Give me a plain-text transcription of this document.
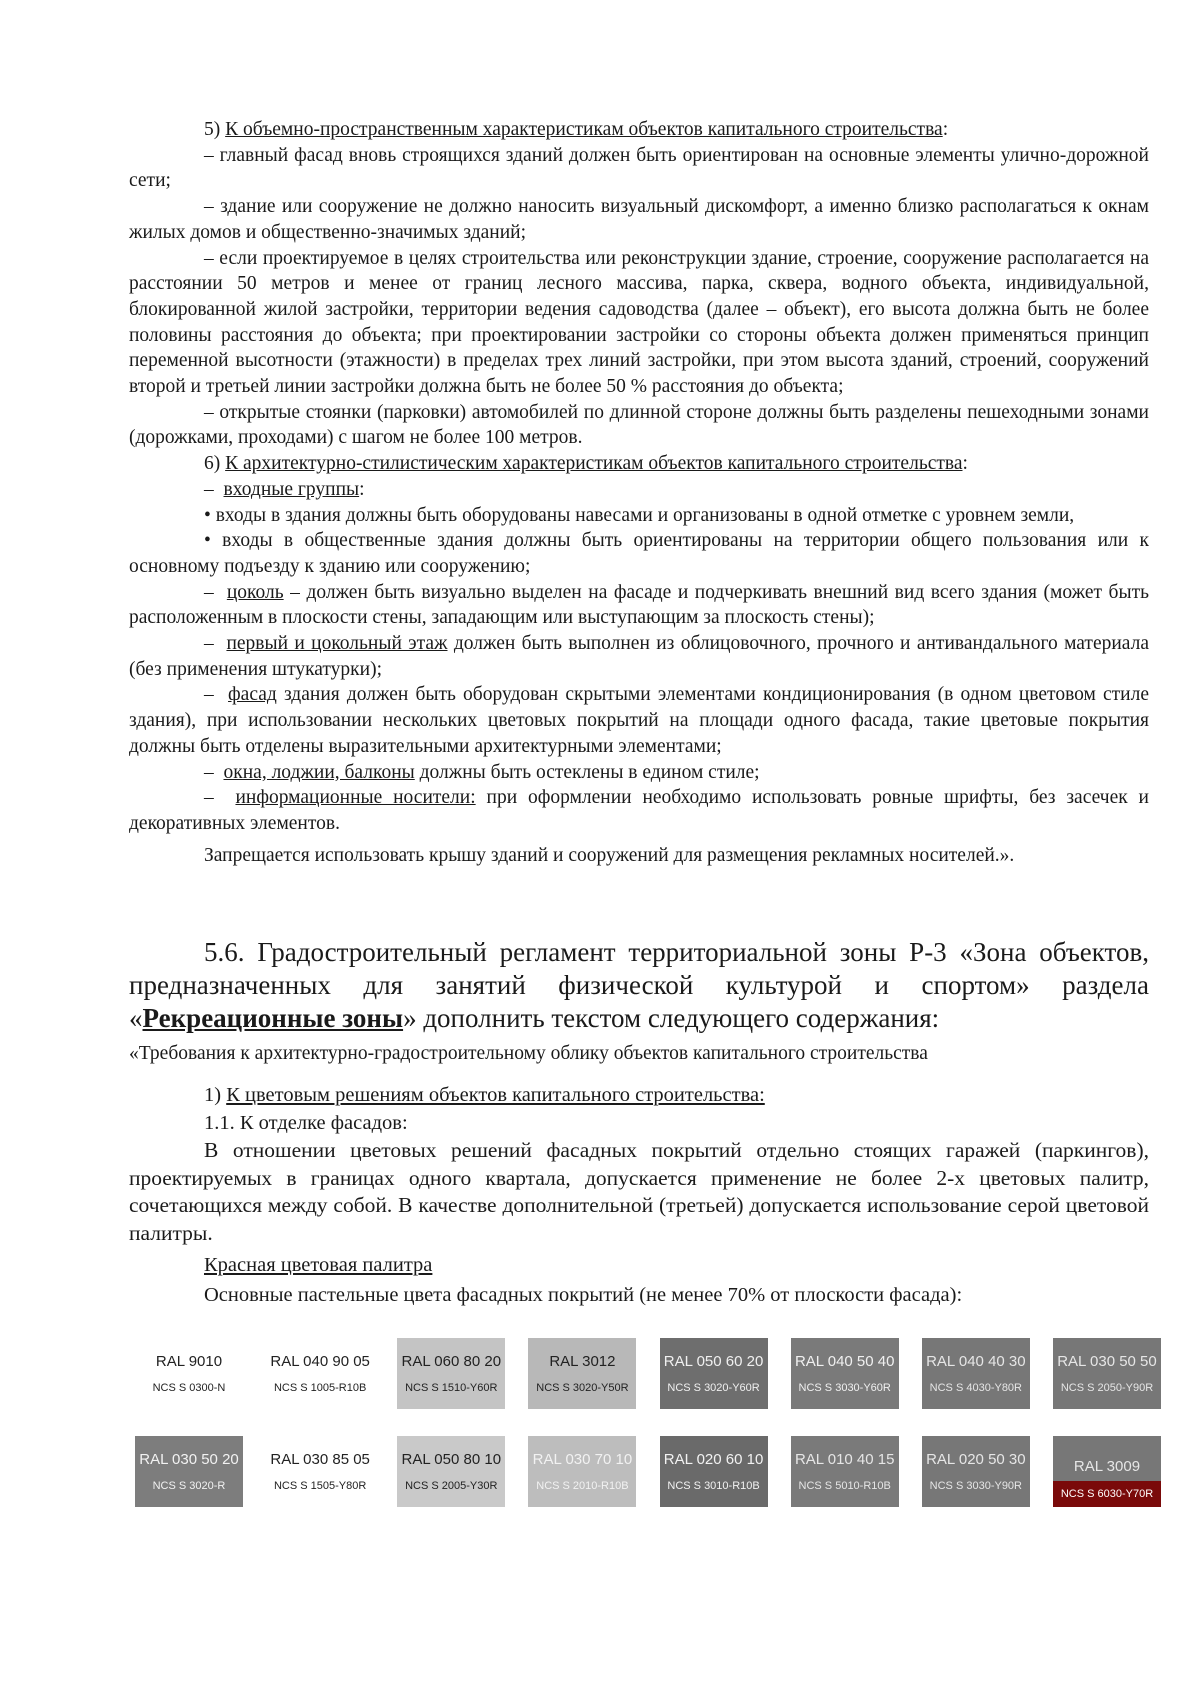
5) К объемно-пространственным характеристикам объектов капитального строительства:

– главный фасад вновь строящихся зданий должен быть ориентирован на основные элементы улично-дорожной сети;

– здание или сооружение не должно наносить визуальный дискомфорт, а именно близко располагаться к окнам жилых домов и общественно-значимых зданий;

– если проектируемое в целях строительства или реконструкции здание, строение, сооружение располагается на расстоянии 50 метров и менее от границ лесного массива, парка, сквера, водного объекта, индивидуальной, блокированной жилой застройки, территории ведения садоводства (далее – объект), его высота должна быть не более половины расстояния до объекта; при проектировании застройки со стороны объекта должен применяться принцип переменной высотности (этажности) в пределах трех линий застройки, при этом высота зданий, строений, сооружений второй и третьей линии застройки должна быть не более 50 % расстояния до объекта;

– открытые стоянки (парковки) автомобилей по длинной стороне должны быть разделены пешеходными зонами (дорожками, проходами) с шагом не более 100 метров.

6) К архитектурно-стилистическим характеристикам объектов капитального строительства:

– входные группы:

• входы в здания должны быть оборудованы навесами и организованы в одной отметке с уровнем земли,

• входы в общественные здания должны быть ориентированы на территории общего пользования или к основному подъезду к зданию или сооружению;

– цоколь – должен быть визуально выделен на фасаде и подчеркивать внешний вид всего здания (может быть расположенным в плоскости стены, западающим или выступающим за плоскость стены);

– первый и цокольный этаж должен быть выполнен из облицовочного, прочного и антивандального материала (без применения штукатурки);

– фасад здания должен быть оборудован скрытыми элементами кондиционирования (в одном цветовом стиле здания), при использовании нескольких цветовых покрытий на площади одного фасада, такие цветовые покрытия должны быть отделены выразительными архитектурными элементами;

– окна, лоджии, балконы должны быть остеклены в едином стиле;

– информационные носители: при оформлении необходимо использовать ровные шрифты, без засечек и декоративных элементов.

Запрещается использовать крышу зданий и сооружений для размещения рекламных носителей.».

5.6. Градостроительный регламент территориальной зоны Р-3 «Зона объектов, предназначенных для занятий физической культурой и спортом» раздела «Рекреационные зоны» дополнить текстом следующего содержания:

«Требования к архитектурно-градостроительному облику объектов капитального строительства

1) К цветовым решениям объектов капитального строительства:

1.1. К отделке фасадов:

В отношении цветовых решений фасадных покрытий отдельно стоящих гаражей (паркингов), проектируемых в границах одного квартала, допускается применение не более 2-х цветовых палитр, сочетающихся между собой. В качестве дополнительной (третьей) допускается использование серой цветовой палитры.

Красная цветовая палитра

Основные пастельные цвета фасадных покрытий (не менее 70% от плоскости фасада):

RAL 9010
NCS S 0300-N
RAL 040 90 05
NCS S 1005-R10B
RAL 060 80 20
NCS S 1510-Y60R
RAL 3012
NCS S 3020-Y50R
RAL 050 60 20
NCS S 3020-Y60R
RAL 040 50 40
NCS S 3030-Y60R
RAL 040 40 30
NCS S 4030-Y80R
RAL 030 50 50
NCS S 2050-Y90R
RAL 030 50 20
NCS S 3020-R
RAL 030 85 05
NCS S 1505-Y80R
RAL 050 80 10
NCS S 2005-Y30R
RAL 030 70 10
NCS S 2010-R10B
RAL 020 60 10
NCS S 3010-R10B
RAL 010 40 15
NCS S 5010-R10B
RAL 020 50 30
NCS S 3030-Y90R
RAL 3009
NCS S 6030-Y70R
